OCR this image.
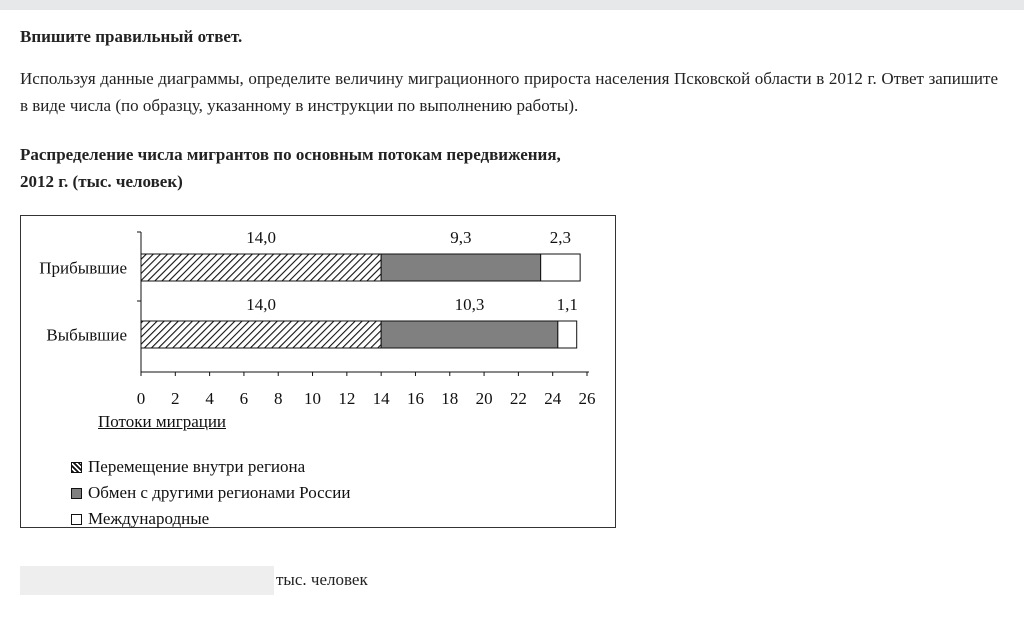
Впишите правильный ответ.

Используя данные диаграммы, определите величину миграционного прироста населения Псковской области в 2012 г. Ответ запишите в виде числа (по образцу, указанному в инструкции по выполнению работы).

Распределение числа мигрантов по основным потокам передвижения,
2012 г. (тыс. человек)
0 2 4 6 8 10 12 14 16 18 20 22 24 26
Прибывшие
14,0	9,3	2,3
Выбывшие
14,0	10,3	1,1
Потоки миграции
Перемещение внутри региона
Обмен с другими регионами России
Международные
тыс. человек
